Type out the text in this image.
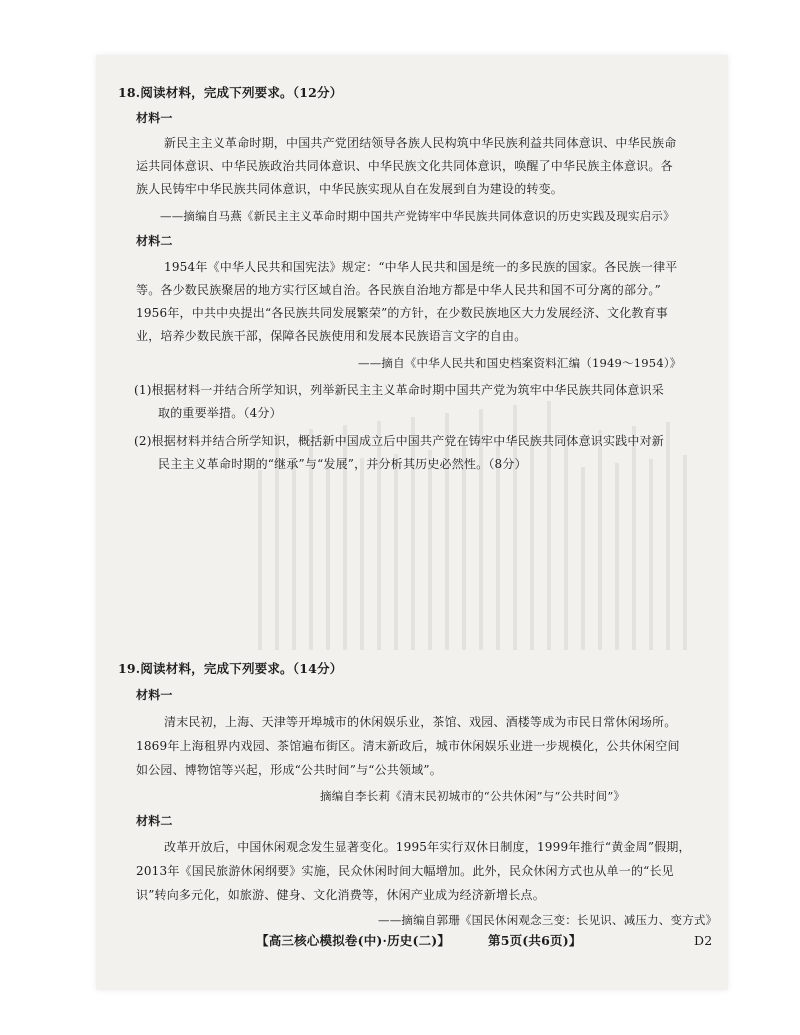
18.阅读材料，完成下列要求。（12分）
材料一
新民主主义革命时期，中国共产党团结领导各族人民构筑中华民族利益共同体意识、中华民族命
运共同体意识、中华民族政治共同体意识、中华民族文化共同体意识，唤醒了中华民族主体意识。各
族人民铸牢中华民族共同体意识，中华民族实现从自在发展到自为建设的转变。
——摘编自马燕《新民主主义革命时期中国共产党铸牢中华民族共同体意识的历史实践及现实启示》
材料二
1954年《中华人民共和国宪法》规定：“中华人民共和国是统一的多民族的国家。各民族一律平
等。各少数民族聚居的地方实行区域自治。各民族自治地方都是中华人民共和国不可分离的部分。”
1956年，中共中央提出“各民族共同发展繁荣”的方针，在少数民族地区大力发展经济、文化教育事
业，培养少数民族干部，保障各民族使用和发展本民族语言文字的自由。
——摘自《中华人民共和国史档案资料汇编（1949～1954）》
(1)根据材料一并结合所学知识，列举新民主主义革命时期中国共产党为筑牢中华民族共同体意识采
取的重要举措。（4分）
(2)根据材料并结合所学知识，概括新中国成立后中国共产党在铸牢中华民族共同体意识实践中对新
民主主义革命时期的“继承”与“发展”，并分析其历史必然性。（8分）
19.阅读材料，完成下列要求。（14分）
材料一
清末民初，上海、天津等开埠城市的休闲娱乐业，茶馆、戏园、酒楼等成为市民日常休闲场所。
1869年上海租界内戏园、茶馆遍布街区。清末新政后，城市休闲娱乐业进一步规模化，公共休闲空间
如公园、博物馆等兴起，形成“公共时间”与“公共领域”。
摘编自李长莉《清末民初城市的“公共休闲”与“公共时间”》
材料二
改革开放后，中国休闲观念发生显著变化。1995年实行双休日制度，1999年推行“黄金周”假期，
2013年《国民旅游休闲纲要》实施，民众休闲时间大幅增加。此外，民众休闲方式也从单一的“长见
识”转向多元化，如旅游、健身、文化消费等，休闲产业成为经济新增长点。
——摘编自郭珊《国民休闲观念三变：长见识、减压力、变方式》
【高三核心模拟卷(中)·历史(二)】	第5页(共6页)】	D2
